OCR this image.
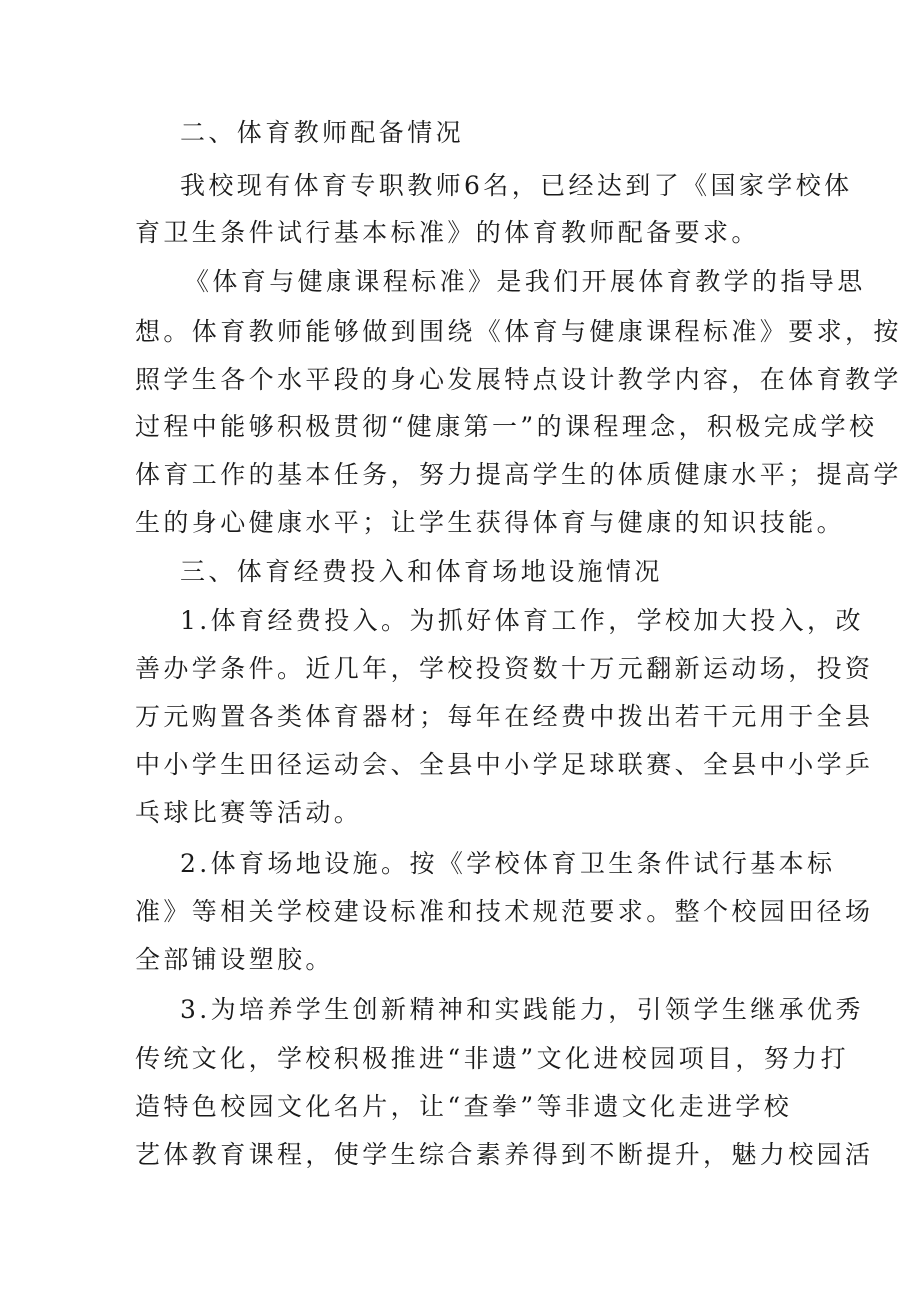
二、体育教师配备情况
我校现有体育专职教师6名，已经达到了《国家学校体
育卫生条件试行基本标准》的体育教师配备要求。
《体育与健康课程标准》是我们开展体育教学的指导思
想。体育教师能够做到围绕《体育与健康课程标准》要求，按
照学生各个水平段的身心发展特点设计教学内容，在体育教学
过程中能够积极贯彻“健康第一”的课程理念，积极完成学校
体育工作的基本任务，努力提高学生的体质健康水平；提高学
生的身心健康水平；让学生获得体育与健康的知识技能。
三、体育经费投入和体育场地设施情况
1.体育经费投入。为抓好体育工作，学校加大投入，改
善办学条件。近几年，学校投资数十万元翻新运动场，投资
万元购置各类体育器材；每年在经费中拨出若干元用于全县
中小学生田径运动会、全县中小学足球联赛、全县中小学乒
乓球比赛等活动。
2.体育场地设施。按《学校体育卫生条件试行基本标
准》等相关学校建设标准和技术规范要求。整个校园田径场
全部铺设塑胶。
3.为培养学生创新精神和实践能力，引领学生继承优秀
传统文化，学校积极推进“非遗”文化进校园项目，努力打
造特色校园文化名片，让“查拳”等非遗文化走进学校
艺体教育课程，使学生综合素养得到不断提升，魅力校园活
